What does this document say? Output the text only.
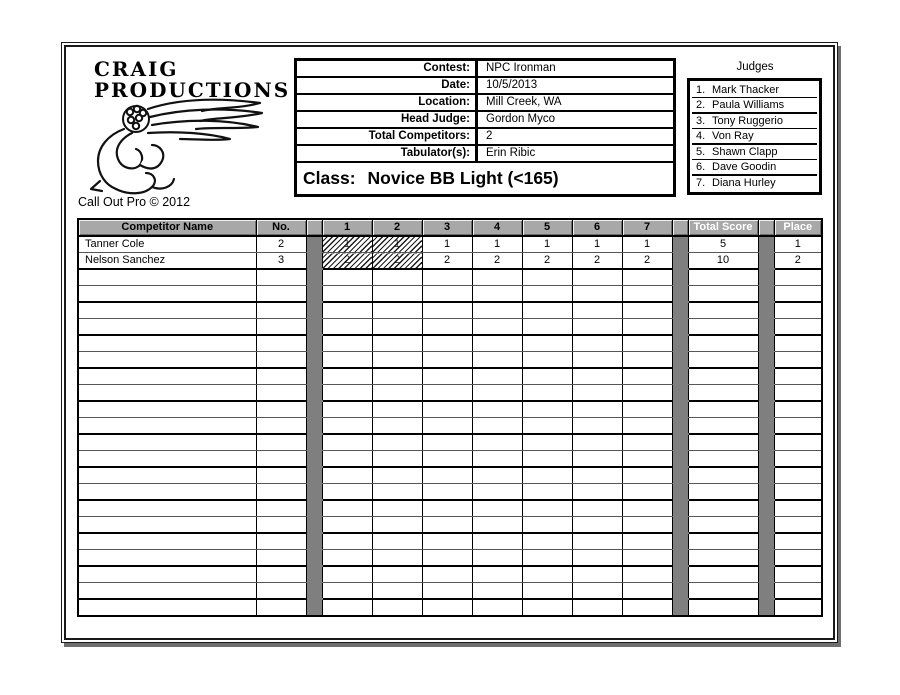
CRAIG
PRODUCTIONS
Call Out Pro © 2012
Contest:	NPC Ironman
Date:	10/5/2013
Location:	Mill Creek, WA
Head Judge:	Gordon Myco
Total Competitors:	2
Tabulator(s):	Erin Ribic
Class: Novice BB Light (<165)
Judges
1. Mark Thacker
2. Paula Williams
3. Tony Ruggerio
4. Von Ray
5. Shawn Clapp
6. Dave Goodin
7. Diana Hurley
Competitor Name	No.		1	2	3	4	5	6	7		Total Score		Place
Tanner Cole	2		1	1	1	1	1	1	1		5		1
Nelson Sanchez	3		2	2	2	2	2	2	2		10		2
